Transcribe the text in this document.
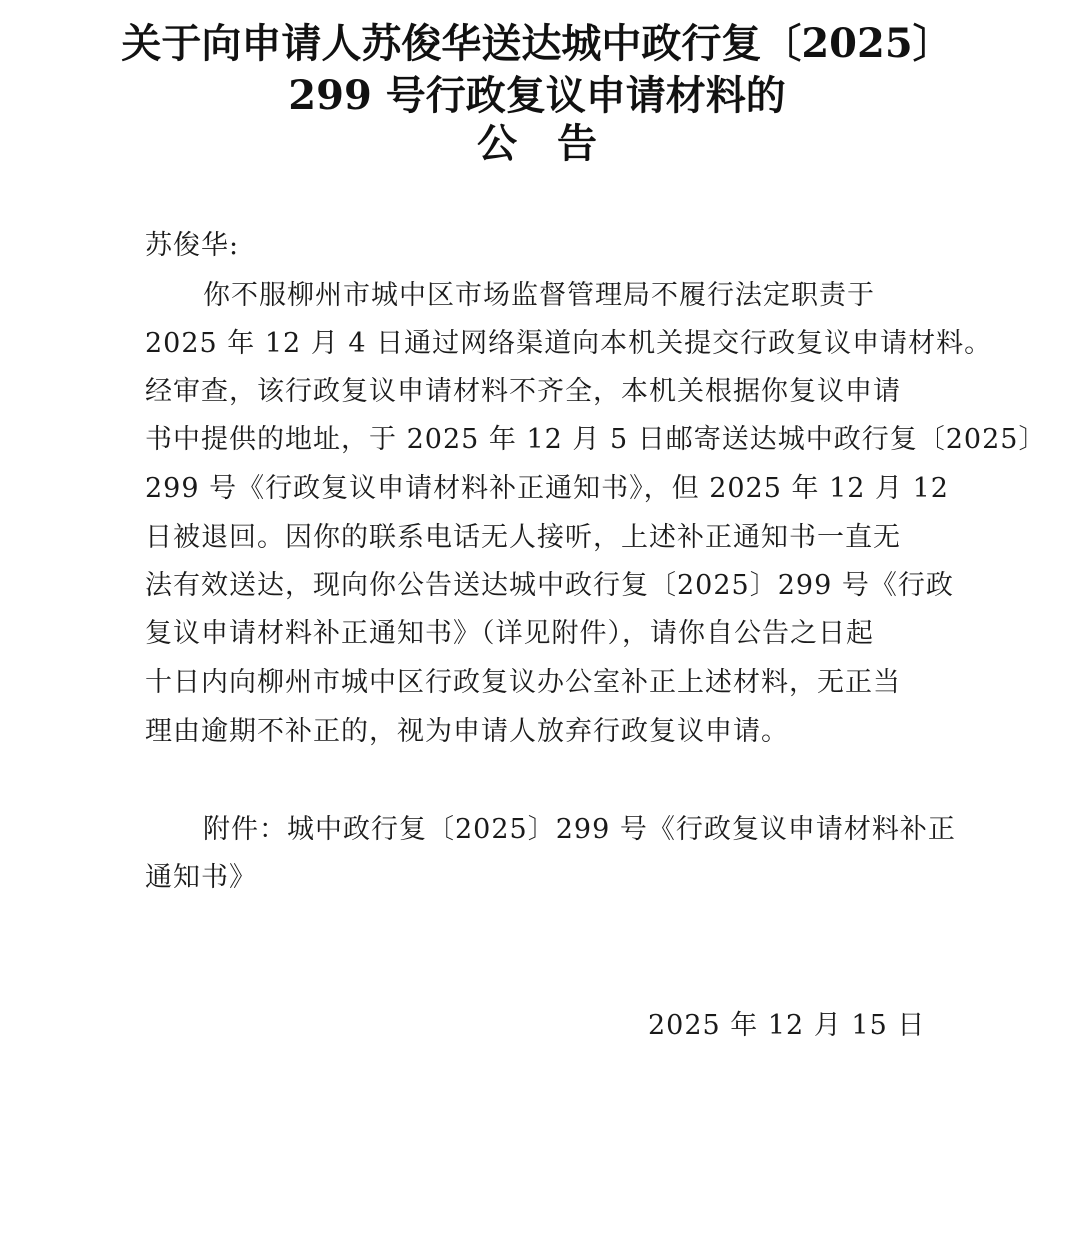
关于向申请人苏俊华送达城中政行复〔2025〕
299 号行政复议申请材料的
公告
苏俊华:
你不服柳州市城中区市场监督管理局不履行法定职责于
2025 年 12 月 4 日通过网络渠道向本机关提交行政复议申请材料。
经审查，该行政复议申请材料不齐全，本机关根据你复议申请
书中提供的地址，于 2025 年 12 月 5 日邮寄送达城中政行复〔2025〕
299 号《行政复议申请材料补正通知书》，但 2025 年 12 月 12
日被退回。因你的联系电话无人接听，上述补正通知书一直无
法有效送达，现向你公告送达城中政行复〔2025〕299 号《行政
复议申请材料补正通知书》（详见附件），请你自公告之日起
十日内向柳州市城中区行政复议办公室补正上述材料，无正当
理由逾期不补正的，视为申请人放弃行政复议申请。
附件：城中政行复〔2025〕299 号《行政复议申请材料补正
通知书》
2025 年 12 月 15 日
